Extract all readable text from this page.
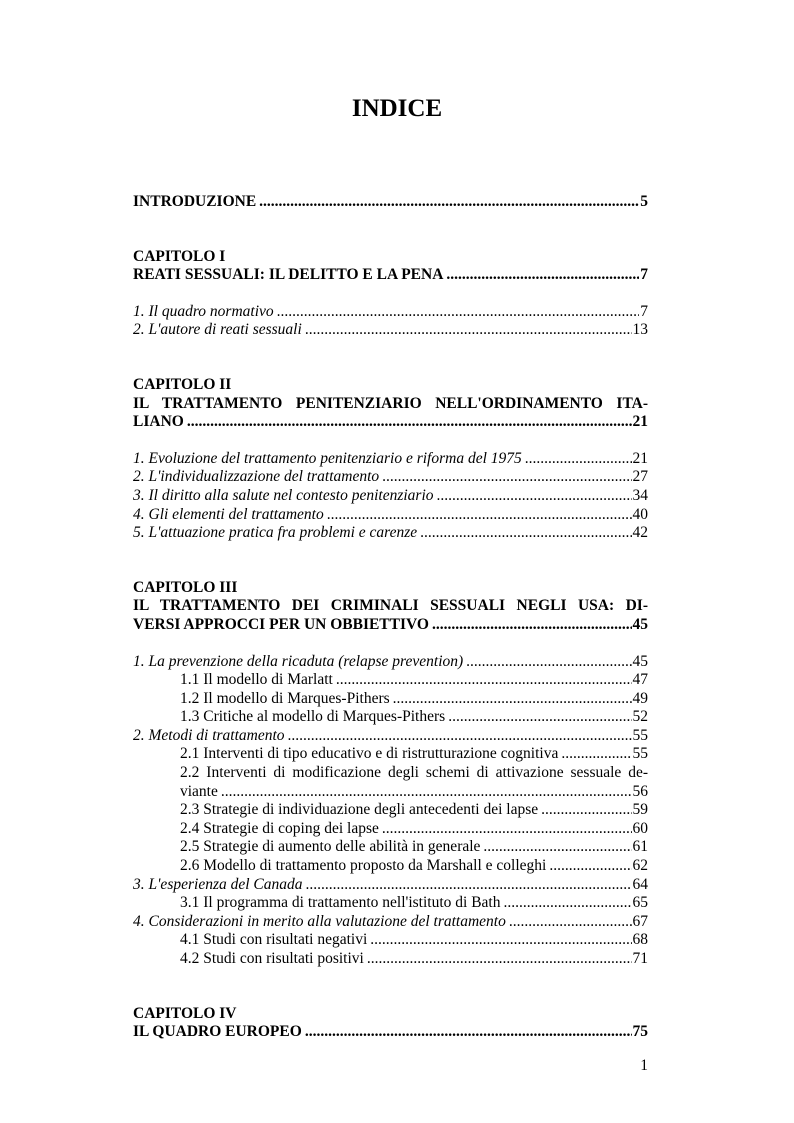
INDICE
INTRODUZIONE .....	5
CAPITOLO I
REATI SESSUALI: IL DELITTO E LA PENA .....	7
1. Il quadro normativo .....	7
2. L'autore di reati sessuali .....	13
CAPITOLO II
IL TRATTAMENTO PENITENZIARIO NELL'ORDINAMENTO ITA-
LIANO .....	21
1. Evoluzione del trattamento penitenziario e riforma del 1975 .....	21
2. L'individualizzazione del trattamento .....	27
3. Il diritto alla salute nel contesto penitenziario .....	34
4. Gli elementi del trattamento .....	40
5. L'attuazione pratica fra problemi e carenze .....	42
CAPITOLO III
IL TRATTAMENTO DEI CRIMINALI SESSUALI NEGLI USA: DI-
VERSI APPROCCI PER UN OBBIETTIVO .....	45
1. La prevenzione della ricaduta (relapse prevention) .....	45
1.1 Il modello di Marlatt .....	47
1.2 Il modello di Marques-Pithers .....	49
1.3 Critiche al modello di Marques-Pithers .....	52
2. Metodi di trattamento .....	55
2.1 Interventi di tipo educativo e di ristrutturazione cognitiva .....	55
2.2 Interventi di modificazione degli schemi di attivazione sessuale de-
viante .....	56
2.3 Strategie di individuazione degli antecedenti dei lapse .....	59
2.4 Strategie di coping dei lapse .....	60
2.5 Strategie di aumento delle abilità in generale .....	61
2.6 Modello di trattamento proposto da Marshall e colleghi .....	62
3. L'esperienza del Canada .....	64
3.1 Il programma di trattamento nell'istituto di Bath .....	65
4. Considerazioni in merito alla valutazione del trattamento .....	67
4.1 Studi con risultati negativi .....	68
4.2 Studi con risultati positivi .....	71
CAPITOLO IV
IL QUADRO EUROPEO .....	75
1
